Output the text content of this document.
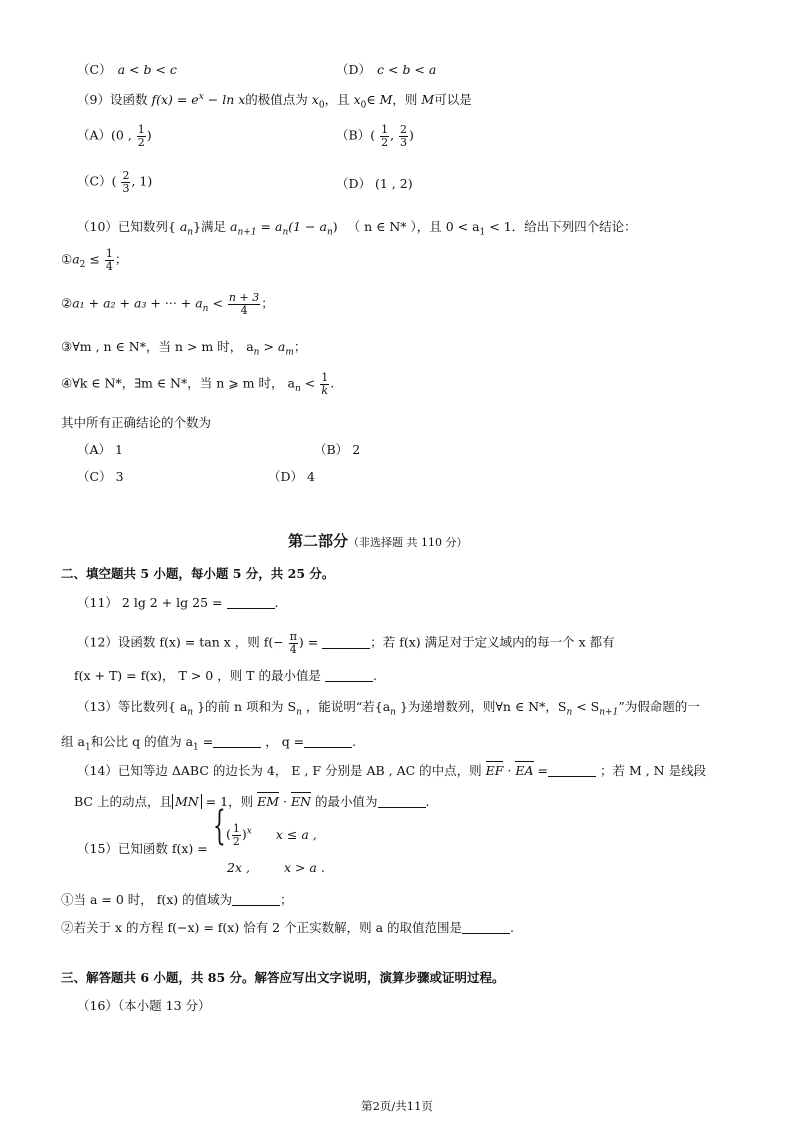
（C） a < b < c	（D） c < b < a
（9）设函数 $f(x) = e^x - \ln x$的极值点为 $x_0$，且 $x_0\in$ M，则 M可以是
（A）(0 , $\frac{1}{2}$ )	$(B)( \frac{1}{2}$ , $\frac{2}{3}$ )
$(C)( \frac{2}{3}$ , 1)	（D） (1 , 2)
（10）已知数列{ $a_n$}满足 $a_{n+1} = a_n(1 - a_n)$ （ n ∈ N* ），且 $0 < a_1 < 1$．给出下列四个结论：
$①a_2 \le \frac{1}{4}$ ；
②a₁ + a₂ + a₃ + ··· + $a_n < \frac{n + 3}{4}$ ；
③∀m , n ∈ N*，当 n > m 时， $a_n > a_m$；
④∀k ∈ N*，∃m ∈ N*，当 n ⩾ m 时， $a_n < \frac{1}{k}$ .
其中所有正确结论的个数为
（A） 1	（B） 2
（C） 3	（D） 4
第二部分（非选择题 共 110 分）
二、填空题共 5 小题，每小题 5 分，共 25 分。
（11） 2 lg 2 + lg 25 =	.
（12）设函数 f(x) = tan x ，则 $f(- \frac{\pi}{4}$ ) =	；若 f(x) 满足对于定义域内的每一个 x 都有
f(x + T) = f(x)， T > 0 ，则 T 的最小值是	.
（13）等比数列{ $a_n$ }的前 n 项和为 $S_n$ ，能说明“若{$a_n$ }为递增数列，则∀n ∈ N*，$S_n < S_{n+1}$”为假命题的一
组 $a_1$和公比 q 的值为 $a_1$ =	， q =	.
（14）已知等边 ΔABC 的边长为 4， E , F 分别是 AB , AC 的中点，则 EF · EA =	；若 M , N 是线段
BC 上的动点，且 MN = 1，则 EM · EN 的最小值为	.
（15）已知函数 f(x) = { ( $\frac{1}{2} )^x$ x ≤ a ,
2x ,	x > a .
①当 a = 0 时， f(x) 的值域为	；
②若关于 x 的方程 f(−x) = f(x) 恰有 2 个正实数解，则 a 的取值范围是	.
三、解答题共 6 小题，共 85 分。解答应写出文字说明，演算步骤或证明过程。
（16）（本小题 13 分）
第2页/共11页
